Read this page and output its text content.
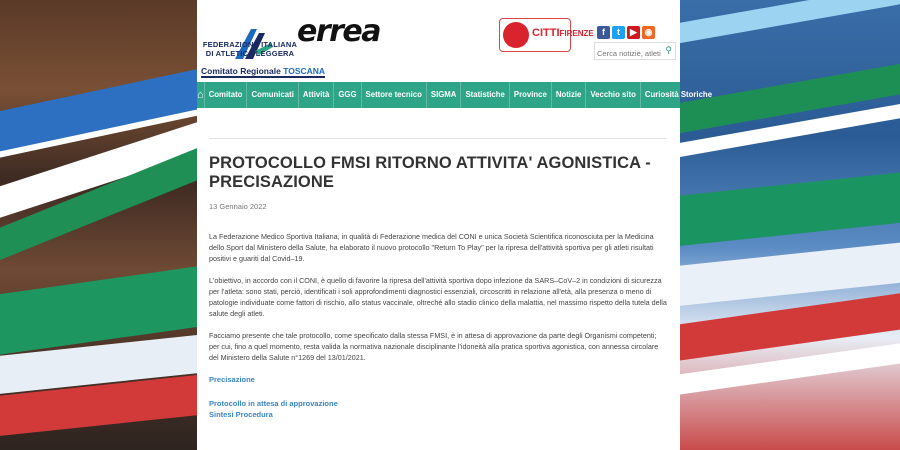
FEDERAZIONE ITALIANA
DI ATLETICA LEGGERA
Comitato Regionale TOSCANA
errea	CITTIFIRENZE f t ▶ ◉
Cerca notizie, atleti
⚲
⌂ Comitato	Comunicati	Attività	GGG	Settore tecnico	SIGMA	Statistiche	Province	Notizie	Vecchio sito	Curiosità Storiche
PROTOCOLLO FMSI RITORNO ATTIVITA' AGONISTICA - PRECISAZIONE
13 Gennaio 2022

La Federazione Medico Sportiva Italiana, in qualità di Federazione medica del CONI e unica Società Scientifica riconosciuta per la Medicina dello Sport dal Ministero della Salute, ha elaborato il nuovo protocollo "Return To Play" per la ripresa dell'attività sportiva per gli atleti risultati positivi e guariti dal Covid–19.

L'obiettivo, in accordo con il CONI, è quello di favorire la ripresa dell'attività sportiva dopo infezione da SARS–CoV–2 in condizioni di sicurezza per l'atleta: sono stati, perciò, identificati i soli approfondimenti diagnostici essenziali, circoscritti in relazione all'età, alla presenza o meno di patologie individuate come fattori di rischio, allo status vaccinale, oltreché allo stadio clinico della malattia, nel massimo rispetto della tutela della salute degli atleti.

Facciamo presente che tale protocollo, come specificato dalla stessa FMSI, è in attesa di approvazione da parte degli Organismi competenti; per cui, fino a quel momento, resta valida la normativa nazionale disciplinante l'idoneità alla pratica sportiva agonistica, con annessa circolare del Ministero della Salute n°1269 del 13/01/2021.

Precisazione
Protocollo in attesa di approvazione
Sintesi Procedura
